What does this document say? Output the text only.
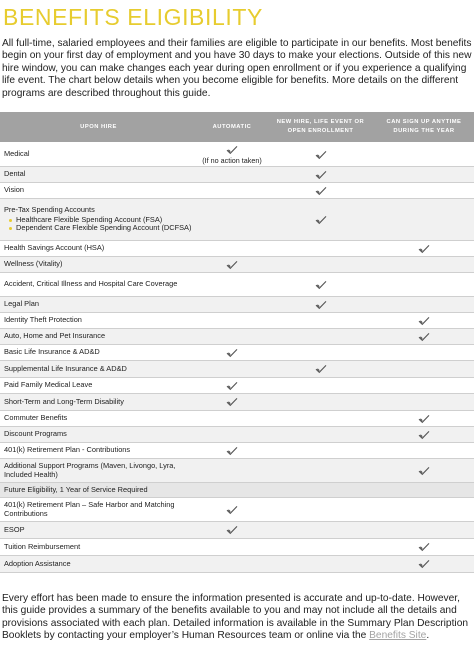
BENEFITS ELIGIBILITY
All full-time, salaried employees and their families are eligible to participate in our benefits. Most benefits begin on your first day of employment and you have 30 days to make your elections. Outside of this new hire window, you can make changes each year during open enrollment or if you experience a qualifying life event. The chart below details when you become eligible for benefits. More details on the different programs are described throughout this guide.
UPON HIRE	AUTOMATIC
NEW HIRE, LIFE EVENT OR OPEN ENROLLMENT
CAN SIGN UP ANYTIME DURING THE YEAR
Medical
(If no action taken)
Dental
Vision
Pre-Tax Spending Accounts
Healthcare Flexible Spending Account (FSA)
Dependent Care Flexible Spending Account (DCFSA)
Health Savings Account (HSA)
Wellness (Vitality)
Accident, Critical Illness and Hospital Care Coverage
Legal Plan
Identity Theft Protection
Auto, Home and Pet Insurance
Basic Life Insurance & AD&D
Supplemental Life Insurance & AD&D
Paid Family Medical Leave
Short-Term and Long-Term Disability
Commuter Benefits
Discount Programs
401(k) Retirement Plan - Contributions
Additional Support Programs (Maven, Livongo, Lyra, Included Health)
Future Eligibility, 1 Year of Service Required
401(k) Retirement Plan – Safe Harbor and Matching Contributions
ESOP
Tuition Reimbursement
Adoption Assistance
Every effort has been made to ensure the information presented is accurate and up-to-date. However, this guide provides a summary of the benefits available to you and may not include all the details and provisions associated with each plan. Detailed information is available in the Summary Plan Description Booklets by contacting your employer’s Human Resources team or online via the Benefits Site.
